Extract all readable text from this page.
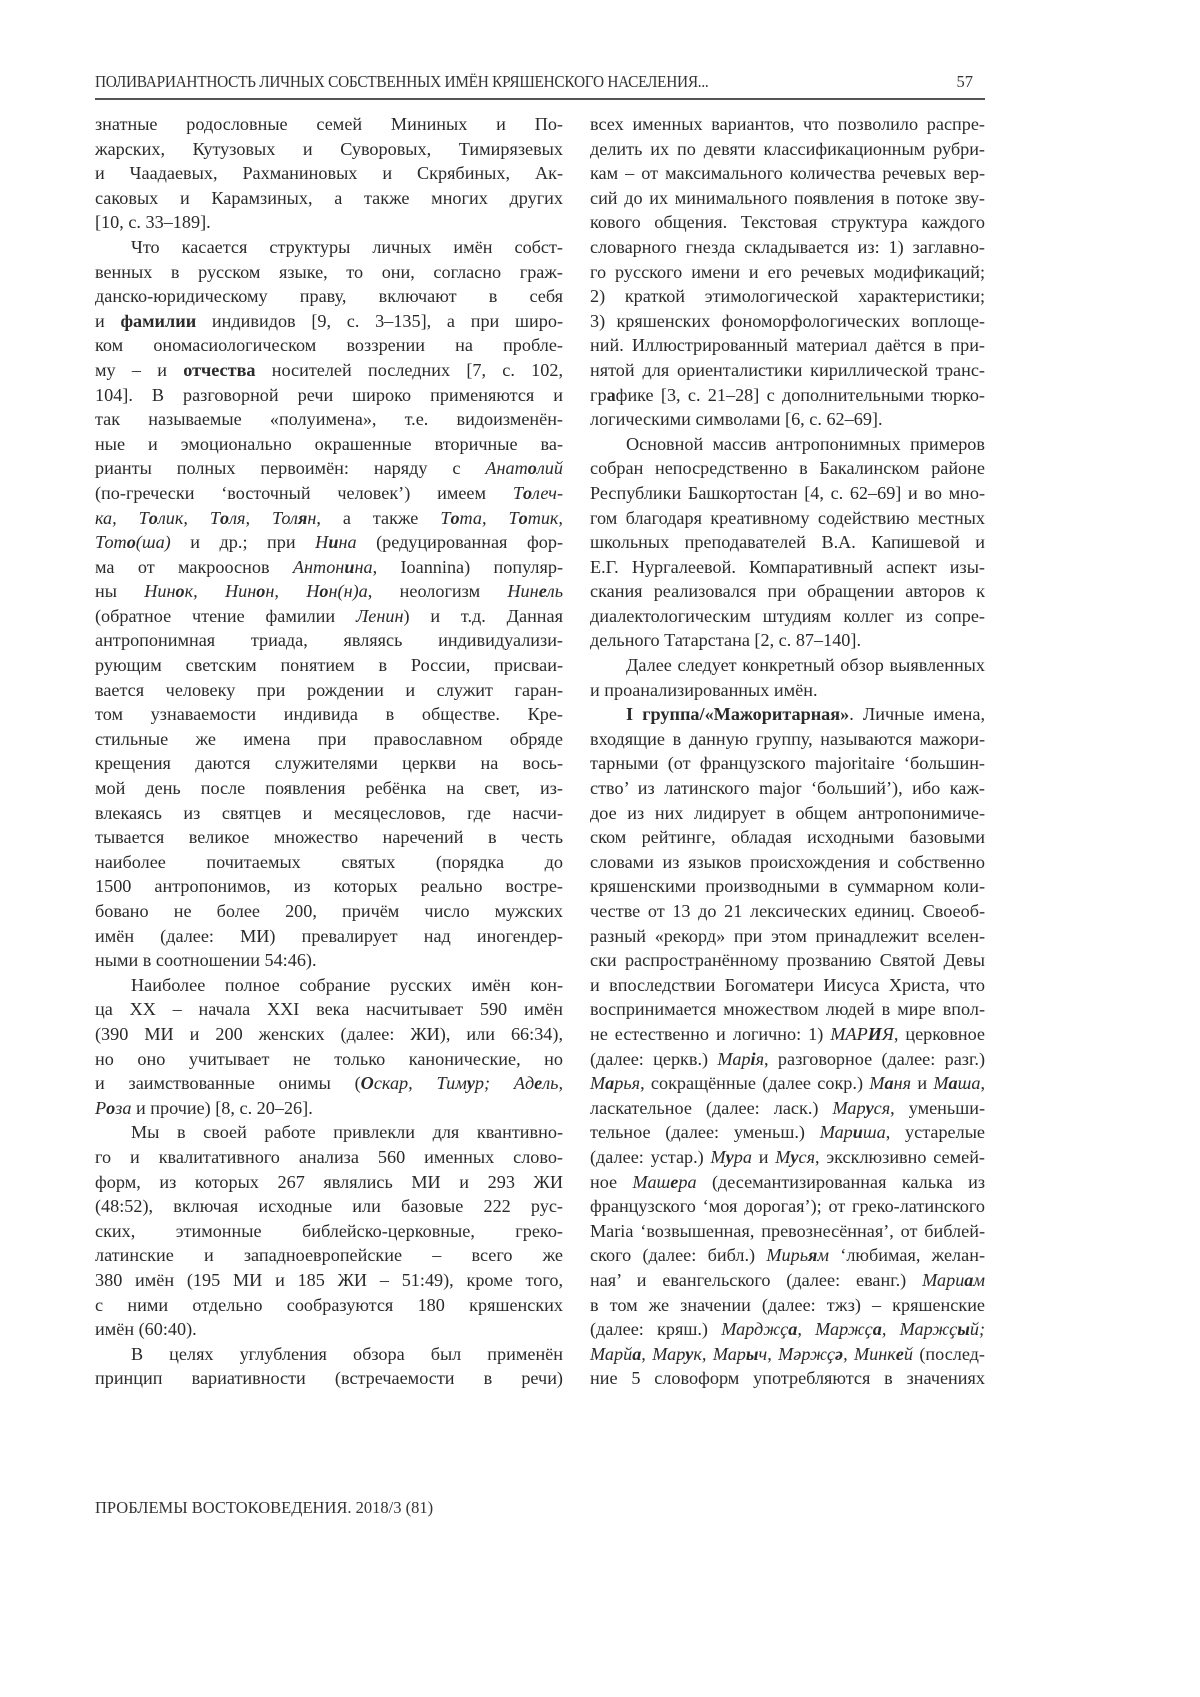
ПОЛИВАРИАНТНОСТЬ ЛИЧНЫХ СОБСТВЕННЫХ ИМЁН КРЯШЕНСКОГО НАСЕЛЕНИЯ...	57
знатные родословные семей Мининых и По-
жарских, Кутузовых и Суворовых, Тимирязевых
и Чаадаевых, Рахманиновых и Скрябиных, Ак-
саковых и Карамзиных, а также многих других
[10, с. 33–189].
Что касается структуры личных имён собст-
венных в русском языке, то они, согласно граж-
данско-юридическому праву, включают в себя
и фамилии индивидов [9, с. 3–135], а при широ-
ком ономасиологическом воззрении на пробле-
му – и отчества носителей последних [7, с. 102,
104]. В разговорной речи широко применяются и
так называемые «полуимена», т.е. видоизменён-
ные и эмоционально окрашенные вторичные ва-
рианты полных первоимён: наряду с Анатолий
(по-гречески ‘восточный человек’) имеем Толеч-
ка, Толик, Толя, Толян, а также Тота, Тотик,
Тото(ша) и др.; при Нина (редуцированная фор-
ма от макрооснов Антонина, Ioannina) популяр-
ны Нинок, Нинон, Нон(н)а, неологизм Нинель
(обратное чтение фамилии Ленин) и т.д. Данная
антропонимная триада, являясь индивидуализи-
рующим светским понятием в России, присваи-
вается человеку при рождении и служит гаран-
том узнаваемости индивида в обществе. Кре-
стильные же имена при православном обряде
крещения даются служителями церкви на вось-
мой день после появления ребёнка на свет, из-
влекаясь из святцев и месяцесловов, где насчи-
тывается великое множество наречений в честь
наиболее почитаемых святых (порядка до
1500 антропонимов, из которых реально востре-
бовано не более 200, причём число мужских
имён (далее: МИ) превалирует над иногендер-
ными в соотношении 54:46).
Наиболее полное собрание русских имён кон-
ца XX – начала XXI века насчитывает 590 имён
(390 МИ и 200 женских (далее: ЖИ), или 66:34),
но оно учитывает не только канонические, но
и заимствованные онимы (Оскар, Тимур; Адель,
Роза и прочие) [8, с. 20–26].
Мы в своей работе привлекли для квантивно-
го и квалитативного анализа 560 именных слово-
форм, из которых 267 являлись МИ и 293 ЖИ
(48:52), включая исходные или базовые 222 рус-
ских, этимонные библейско-церковные, греко-
латинские и западноевропейские – всего же
380 имён (195 МИ и 185 ЖИ – 51:49), кроме того,
с ними отдельно сообразуются 180 кряшенских
имён (60:40).
В целях углубления обзора был применён
принцип вариативности (встречаемости в речи)
всех именных вариантов, что позволило распре-
делить их по девяти классификационным рубри-
кам – от максимального количества речевых вер-
сий до их минимального появления в потоке зву-
кового общения. Текстовая структура каждого
словарного гнезда складывается из: 1) заглавно-
го русского имени и его речевых модификаций;
2) краткой этимологической характеристики;
3) кряшенских фономорфологических воплоще-
ний. Иллюстрированный материал даётся в при-
нятой для ориенталистики кириллической транс-
графике [3, с. 21–28] с дополнительными тюрко-
логическими символами [6, с. 62–69].
Основной массив антропонимных примеров
собран непосредственно в Бакалинском районе
Республики Башкортостан [4, с. 62–69] и во мно-
гом благодаря креативному содействию местных
школьных преподавателей В.А. Капишевой и
Е.Г. Нургалеевой. Компаративный аспект изы-
скания реализовался при обращении авторов к
диалектологическим штудиям коллег из сопре-
дельного Татарстана [2, с. 87–140].
Далее следует конкретный обзор выявленных
и проанализированных имён.
I группа/«Мажоритарная». Личные имена,
входящие в данную группу, называются мажори-
тарными (от французского majoritaire ‘большин-
ство’ из латинского major ‘больший’), ибо каж-
дое из них лидирует в общем антропонимиче-
ском рейтинге, обладая исходными базовыми
словами из языков происхождения и собственно
кряшенскими производными в суммарном коли-
честве от 13 до 21 лексических единиц. Своеоб-
разный «рекорд» при этом принадлежит вселен-
ски распространённому прозванию Святой Девы
и впоследствии Богоматери Иисуса Христа, что
воспринимается множеством людей в мире впол-
не естественно и логично: 1) МАРИЯ, церковное
(далее: церкв.) Марія, разговорное (далее: разг.)
Марья, сокращённые (далее сокр.) Маня и Маша,
ласкательное (далее: ласк.) Маруся, уменьши-
тельное (далее: уменьш.) Мариша, устарелые
(далее: устар.) Мура и Муся, эксклюзивно семей-
ное Машера (десемантизированная калька из
французского ‘моя дорогая’); от греко-латинского
Maria ‘возвышенная, превознесённая’, от библей-
ского (далее: библ.) Мирьям ‘любимая, желан-
ная’ и евангельского (далее: еванг.) Мариам
в том же значении (далее: тжз) – кряшенские
(далее: кряш.) Марджҫа, Маржҫа, Маржҫый;
Марйа, Марук, Марыч, Мәржҫә, Минкей (послед-
ние 5 словоформ употребляются в значениях
ПРОБЛЕМЫ ВОСТОКОВЕДЕНИЯ. 2018/3 (81)
